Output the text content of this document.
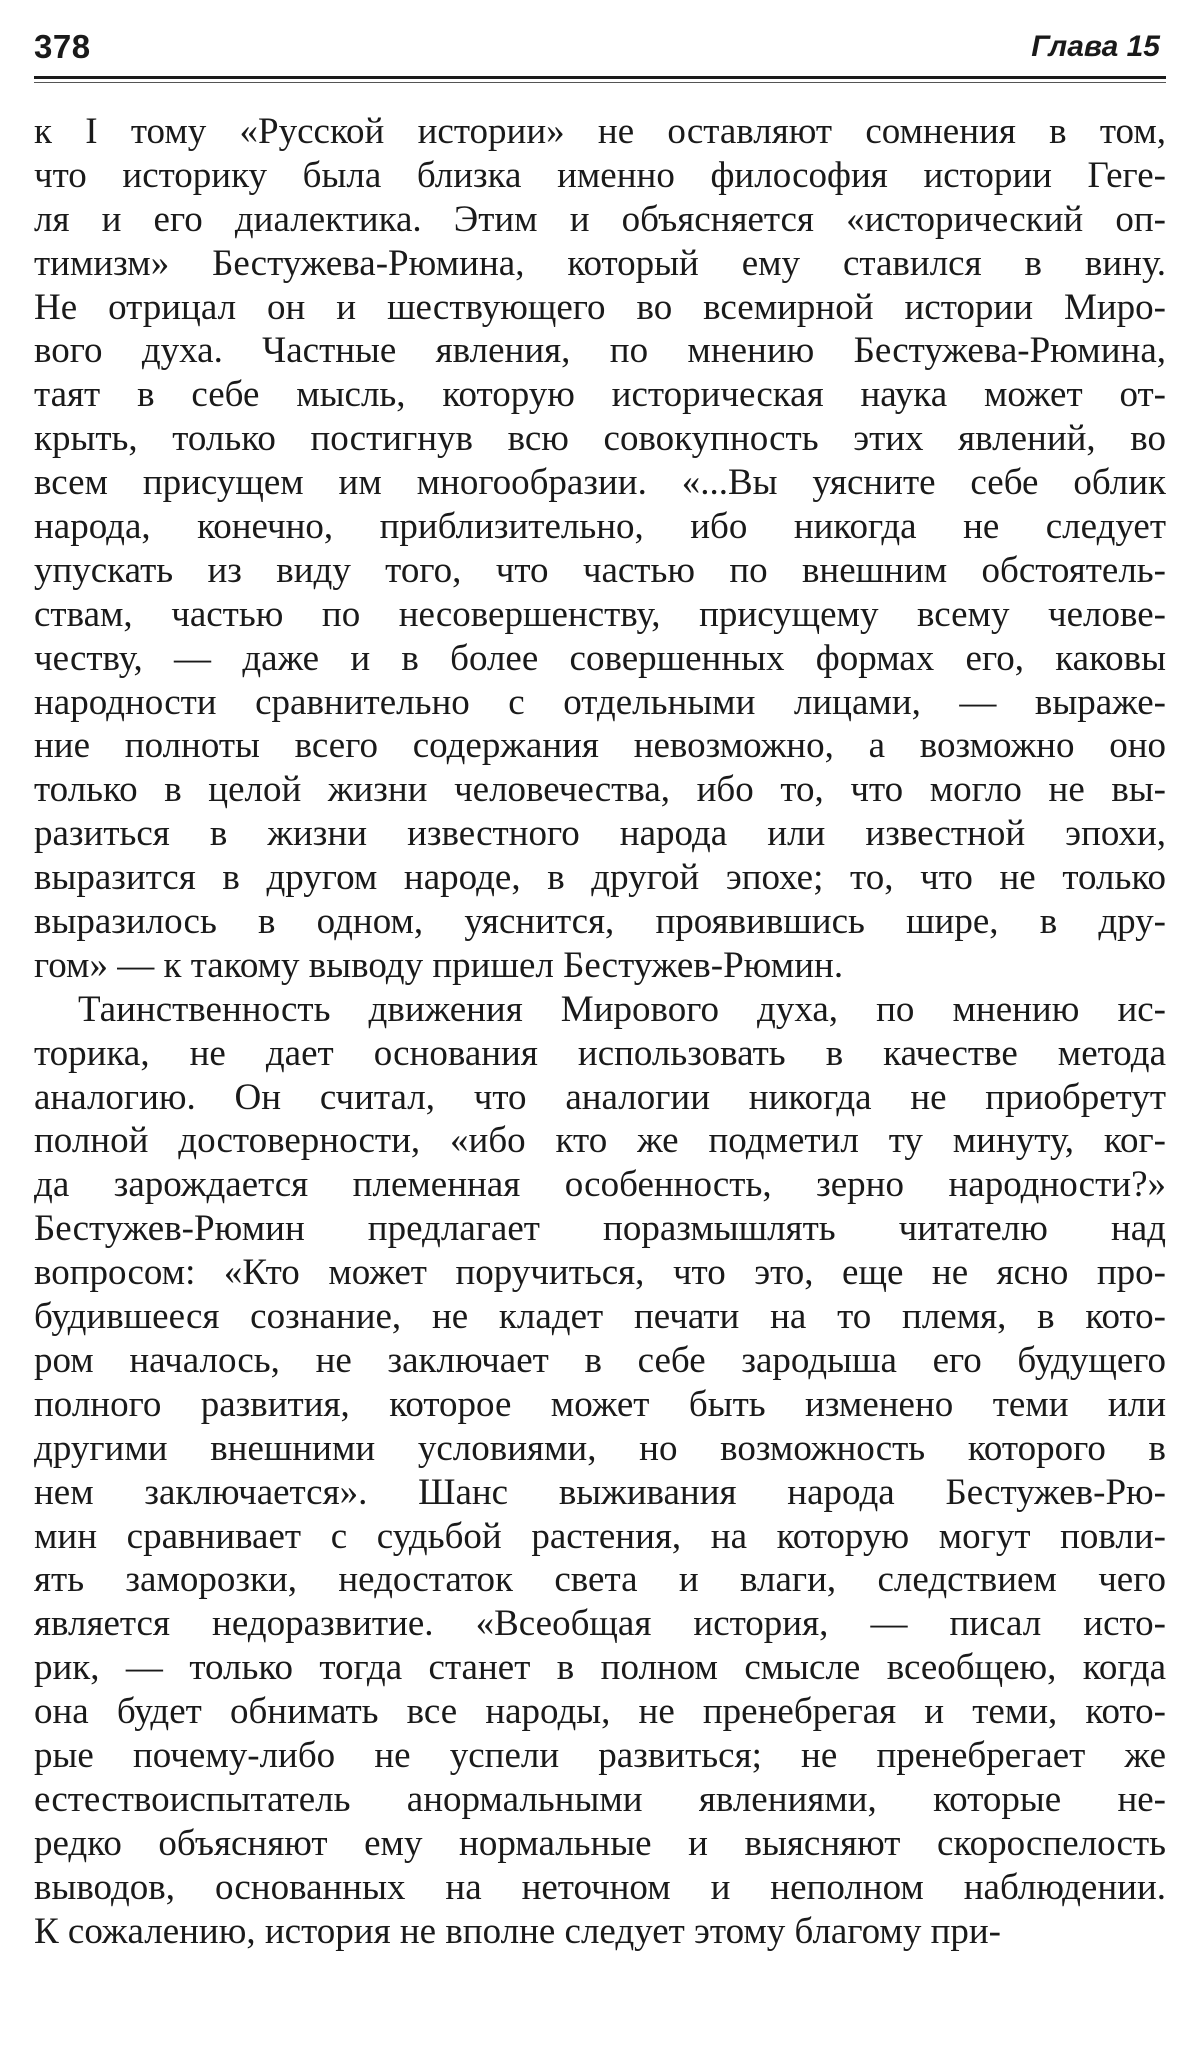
378	Глава 15
к I тому «Русской истории» не оставляют сомнения в том,
что историку была близка именно философия истории Геге-
ля и его диалектика. Этим и объясняется «исторический оп-
тимизм» Бестужева-Рюмина, который ему ставился в вину.
Не отрицал он и шествующего во всемирной истории Миро-
вого духа. Частные явления, по мнению Бестужева-Рюмина,
таят в себе мысль, которую историческая наука может от-
крыть, только постигнув всю совокупность этих явлений, во
всем присущем им многообразии. «...Вы уясните себе облик
народа, конечно, приблизительно, ибо никогда не следует
упускать из виду того, что частью по внешним обстоятель-
ствам, частью по несовершенству, присущему всему челове-
честву, — даже и в более совершенных формах его, каковы
народности сравнительно с отдельными лицами, — выраже-
ние полноты всего содержания невозможно, а возможно оно
только в целой жизни человечества, ибо то, что могло не вы-
разиться в жизни известного народа или известной эпохи,
выразится в другом народе, в другой эпохе; то, что не только
выразилось в одном, уяснится, проявившись шире, в дру-
гом» — к такому выводу пришел Бестужев-Рюмин.
Таинственность движения Мирового духа, по мнению ис-
торика, не дает основания использовать в качестве метода
аналогию. Он считал, что аналогии никогда не приобретут
полной достоверности, «ибо кто же подметил ту минуту, ког-
да зарождается племенная особенность, зерно народности?»
Бестужев-Рюмин предлагает поразмышлять читателю над
вопросом: «Кто может поручиться, что это, еще не ясно про-
будившееся сознание, не кладет печати на то племя, в кото-
ром началось, не заключает в себе зародыша его будущего
полного развития, которое может быть изменено теми или
другими внешними условиями, но возможность которого в
нем заключается». Шанс выживания народа Бестужев-Рю-
мин сравнивает с судьбой растения, на которую могут повли-
ять заморозки, недостаток света и влаги, следствием чего
является недоразвитие. «Всеобщая история, — писал исто-
рик, — только тогда станет в полном смысле всеобщею, когда
она будет обнимать все народы, не пренебрегая и теми, кото-
рые почему-либо не успели развиться; не пренебрегает же
естествоиспытатель анормальными явлениями, которые не-
редко объясняют ему нормальные и выясняют скороспелость
выводов, основанных на неточном и неполном наблюдении.
К сожалению, история не вполне следует этому благому при-
